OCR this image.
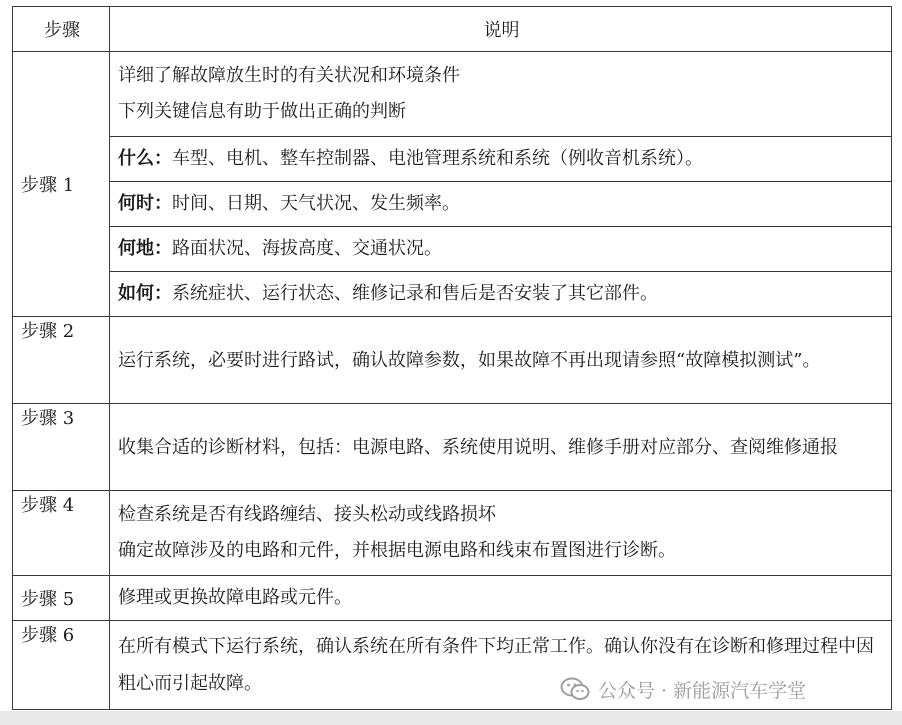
步骤	说明
步骤 1	详细了解故障放生时的有关状况和环境条件
下列关键信息有助于做出正确的判断

	什么：车型、电机、整车控制器、电池管理系统和系统（例收音机系统）。
	何时：时间、日期、天气状况、发生频率。
	何地：路面状况、海拔高度、交通状况。
	如何：系统症状、运行状态、维修记录和售后是否安装了其它部件。
步骤 2	运行系统，必要时进行路试，确认故障参数，如果故障不再出现请参照“故障模拟测试”。
步骤 3	收集合适的诊断材料，包括：电源电路、系统使用说明、维修手册对应部分、查阅维修通报
步骤 4	检查系统是否有线路缠结、接头松动或线路损坏
确定故障涉及的电路和元件，并根据电源电路和线束布置图进行诊断。

步骤 5	修理或更换故障电路或元件。
步骤 6	在所有模式下运行系统，确认系统在所有条件下均正常工作。确认你没有在诊断和修理过程中因粗心而引起故障。	公众号 · 新能源汽车学堂
